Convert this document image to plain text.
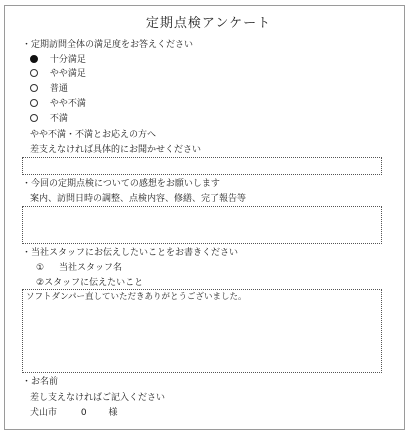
定期点検アンケート
・定期訪問全体の満足度をお答えください
十分満足
やや満足
普通
やや不満
不満
やや不満・不満とお応えの方へ
差支えなければ具体的にお聞かせください
・今回の定期点検についての感想をお願いします
案内、訪問日時の調整、点検内容、修繕、完了報告等
・当社スタッフにお伝えしたいことをお書きください
① 当社スタッフ名
②スタッフに伝えたいこと
ソフトダンパー直していただきありがとうございました。
・お名前
差し支えなければご記入ください
犬山市	0 様
